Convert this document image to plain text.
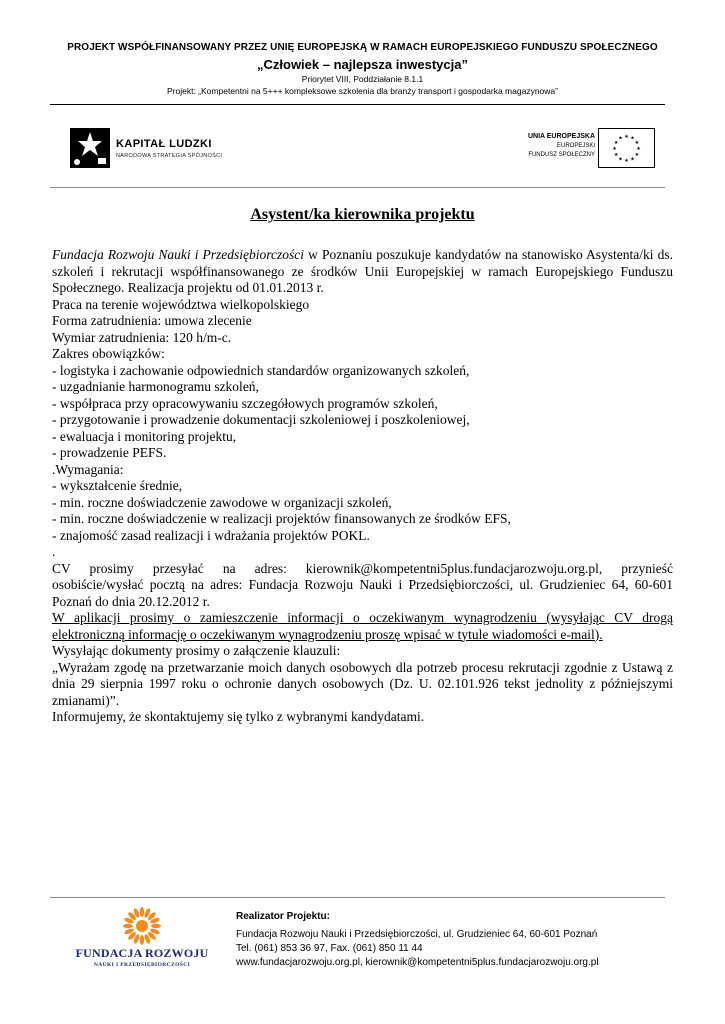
PROJEKT WSPÓŁFINANSOWANY PRZEZ UNIĘ EUROPEJSKĄ W RAMACH EUROPEJSKIEGO FUNDUSZU SPOŁECZNEGO
„Człowiek – najlepsza inwestycja”
Priorytet VIII, Poddziałanie 8.1.1
Projekt: „Kompetentni na 5+++ kompleksowe szkolenia dla branży transport i gospodarka magazynowa”
KAPITAŁ LUDZKI
NARODOWA STRATEGIA SPÓJNOŚCI
UNIA EUROPEJSKA
EUROPEJSKI
FUNDUSZ SPOŁECZNY
★
★
★
★
★
★
★
★
★ ★ ★
★
Asystent/ka kierownika projektu

Fundacja Rozwoju Nauki i Przedsiębiorczości w Poznaniu poszukuje kandydatów na stanowisko Asystenta/ki ds. szkoleń i rekrutacji współfinansowanego ze środków Unii Europejskiej w ramach Europejskiego Funduszu Społecznego. Realizacja projektu od 01.01.2013 r.

Praca na terenie województwa wielkopolskiego

Forma zatrudnienia: umowa zlecenie

Wymiar zatrudnienia: 120 h/m-c.

Zakres obowiązków:

- logistyka i zachowanie odpowiednich standardów organizowanych szkoleń,

- uzgadnianie harmonogramu szkoleń,

- współpraca przy opracowywaniu szczegółowych programów szkoleń,

- przygotowanie i prowadzenie dokumentacji szkoleniowej i poszkoleniowej,

- ewaluacja i monitoring projektu,

- prowadzenie PEFS.

.Wymagania:

- wykształcenie średnie,

- min. roczne doświadczenie zawodowe w organizacji szkoleń,

- min. roczne doświadczenie w realizacji projektów finansowanych ze środków EFS,

- znajomość zasad realizacji i wdrażania projektów POKL.

.

CV prosimy przesyłać na adres: kierownik@kompetentni5plus.fundacjarozwoju.org.pl, przynieść osobiście/wysłać pocztą na adres: Fundacja Rozwoju Nauki i Przedsiębiorczości, ul. Grudzieniec 64, 60-601 Poznań do dnia 20.12.2012 r.

W aplikacji prosimy o zamieszczenie informacji o oczekiwanym wynagrodzeniu (wysyłając CV drogą elektroniczną informację o oczekiwanym wynagrodzeniu proszę wpisać w tytule wiadomości e-mail).

Wysyłając dokumenty prosimy o załączenie klauzuli:

„Wyrażam zgodę na przetwarzanie moich danych osobowych dla potrzeb procesu rekrutacji zgodnie z Ustawą z dnia 29 sierpnia 1997 roku o ochronie danych osobowych (Dz. U. 02.101.926 tekst jednolity z późniejszymi zmianami)”.

Informujemy, że skontaktujemy się tylko z wybranymi kandydatami.

FUNDACJA ROZWOJU
NAUKI I PRZEDSIĘBIORCZOŚCI
Realizator Projektu:
Fundacja Rozwoju Nauki i Przedsiębiorczości, ul. Grudzieniec 64, 60-601 Poznań
Tel. (061) 853 36 97, Fax. (061) 850 11 44
www.fundacjarozwoju.org.pl, kierownik@kompetentni5plus.fundacjarozwoju.org.pl
